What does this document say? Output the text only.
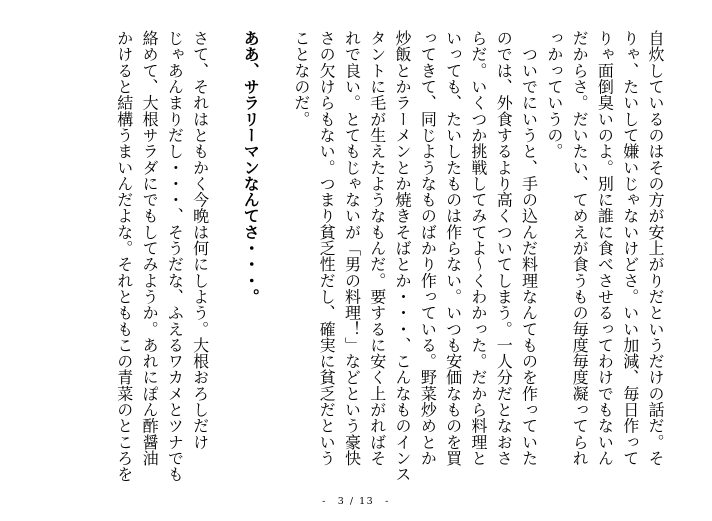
自炊しているのはその方が安上がりだというだけの話だ。そ
りゃ、たいして嫌いじゃないけどさ。いい加減、毎日作って
りゃ面倒臭いのよ。別に誰に食べさせるってわけでもないん
だからさ。だいたい、てめえが食うもの毎度毎度凝ってられ
っかっていうの。
　ついでにいうと、手の込んだ料理なんてものを作っていた
のでは、外食するより高くついてしまう。一人分だとなおさ
らだ。いくつか挑戦してみてよ～くわかった。だから料理と
いっても、たいしたものは作らない。いつも安価なものを買
ってきて、同じようなものばかり作っている。野菜炒めとか
炒飯とかラーメンとか焼きそばとか・・・、こんなものインス
タントに毛が生えたようなもんだ。要するに安く上がればそ
れで良い。とてもじゃないが「男の料理！」などという豪快
さの欠けらもない。つまり貧乏性だし、確実に貧乏だという
ことなのだ。
ああ、サラリーマンなんてさ・・・。
さて、それはともかく今晩は何にしよう。大根おろしだけ
じゃあんまりだし・・・、そうだな、ふえるワカメとツナでも
絡めて、大根サラダにでもしてみようか。あれにぽん酢醤油
かけると結構うまいんだよな。それとももこの青菜のところを
-　3 / 13　-
